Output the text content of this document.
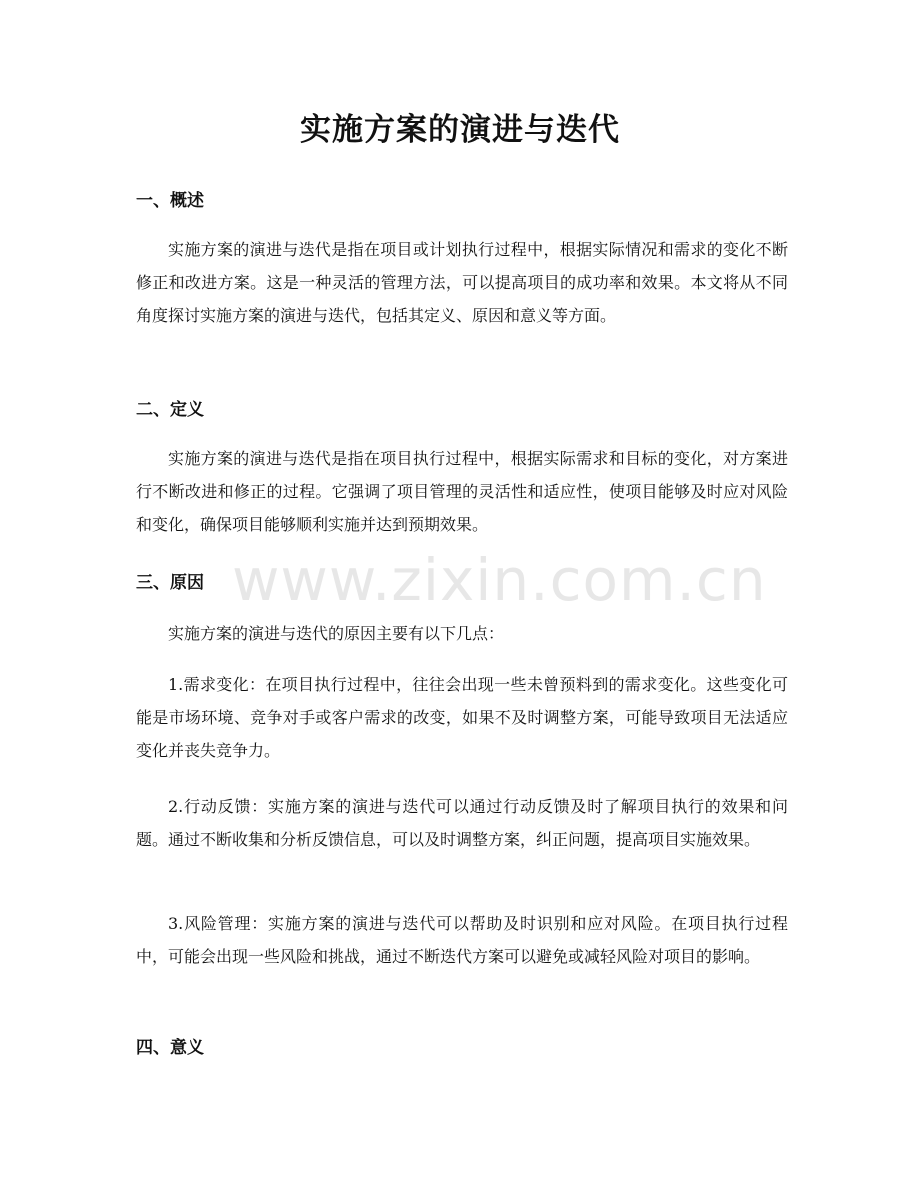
www.zixin.com.cn
实施方案的演进与迭代
一、概述

实施方案的演进与迭代是指在项目或计划执行过程中，根据实际情况和需求的变化不断修正和改进方案。这是一种灵活的管理方法，可以提高项目的成功率和效果。本文将从不同角度探讨实施方案的演进与迭代，包括其定义、原因和意义等方面。

二、定义

实施方案的演进与迭代是指在项目执行过程中，根据实际需求和目标的变化，对方案进行不断改进和修正的过程。它强调了项目管理的灵活性和适应性，使项目能够及时应对风险和变化，确保项目能够顺利实施并达到预期效果。

三、原因

实施方案的演进与迭代的原因主要有以下几点：

1.需求变化：在项目执行过程中，往往会出现一些未曾预料到的需求变化。这些变化可能是市场环境、竞争对手或客户需求的改变，如果不及时调整方案，可能导致项目无法适应变化并丧失竞争力。

2.行动反馈：实施方案的演进与迭代可以通过行动反馈及时了解项目执行的效果和问题。通过不断收集和分析反馈信息，可以及时调整方案，纠正问题，提高项目实施效果。

3.风险管理：实施方案的演进与迭代可以帮助及时识别和应对风险。在项目执行过程中，可能会出现一些风险和挑战，通过不断迭代方案可以避免或减轻风险对项目的影响。

四、意义
